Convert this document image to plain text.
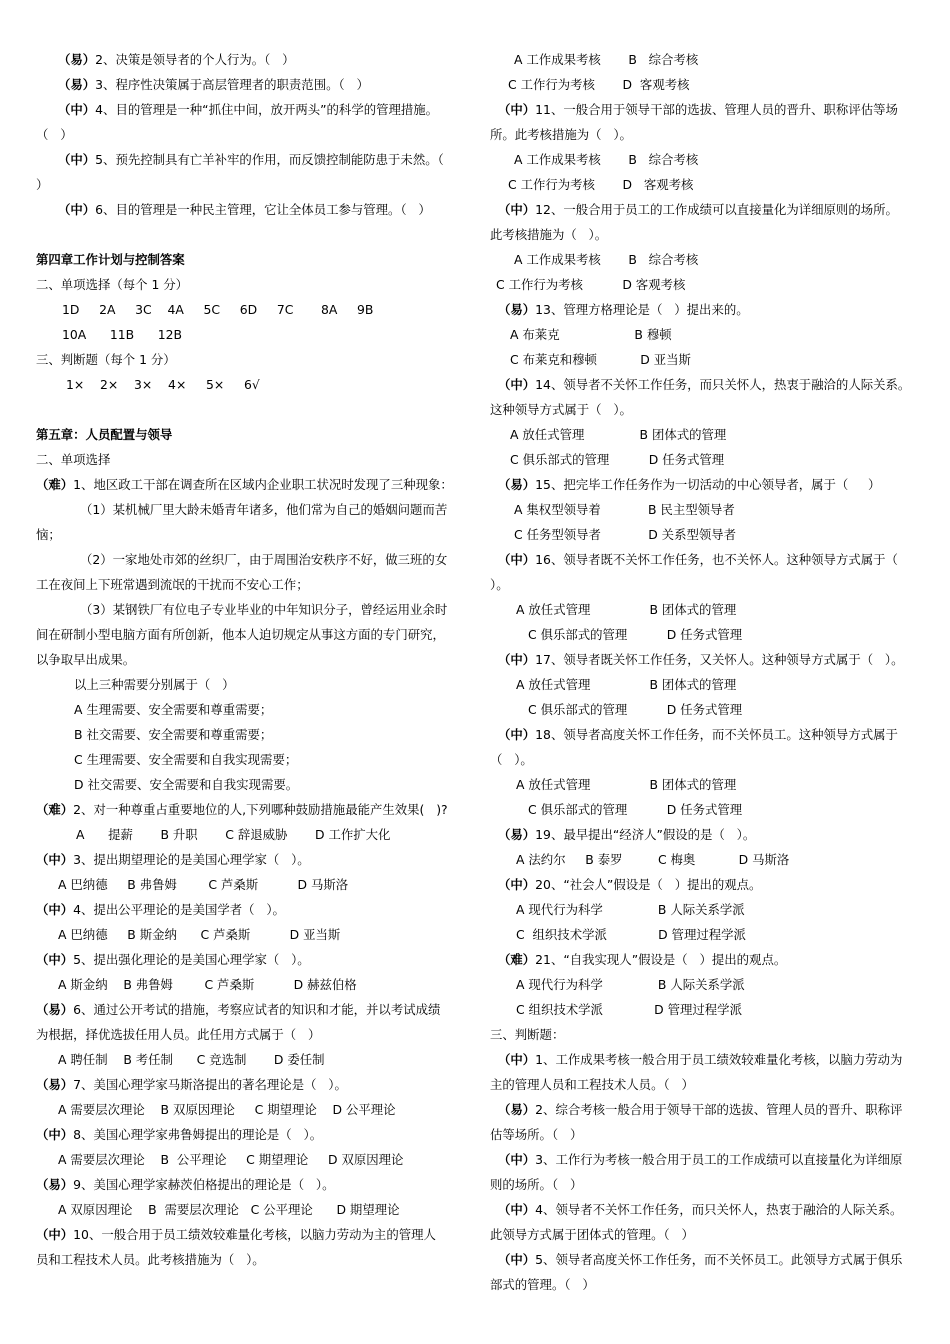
（易）2、决策是领导者的个人行为。（   ）
（易）3、程序性决策属于高层管理者的职责范围。（   ）
（中）4、目的管理是一种“抓住中间，放开两头”的科学的管理措施。
（   ）
（中）5、预先控制具有亡羊补牢的作用，而反馈控制能防患于未然。（
）
（中）6、目的管理是一种民主管理，它让全体员工参与管理。（   ）
第四章工作计划与控制答案
二、单项选择（每个 1 分）
1D     2A     3C    4A     5C     6D     7C       8A     9B
10A      11B      12B
三、判断题（每个 1 分）
1×    2×    3×    4×     5×     6√
第五章：人员配置与领导
二、单项选择
（难）1、地区政工干部在调查所在区域内企业职工状况时发现了三种现象：
（1）某机械厂里大龄未婚青年诸多，他们常为自己的婚姻问题而苦
恼；
（2）一家地处市郊的丝织厂，由于周围治安秩序不好，做三班的女
工在夜间上下班常遇到流氓的干扰而不安心工作；
（3）某钢铁厂有位电子专业毕业的中年知识分子，曾经运用业余时
间在研制小型电脑方面有所创新，他本人迫切规定从事这方面的专门研究，
以争取早出成果。
以上三种需要分别属于（   ）
A 生理需要、安全需要和尊重需要；
B 社交需要、安全需要和尊重需要；
C 生理需要、安全需要和自我实现需要；
D 社交需要、安全需要和自我实现需要。
（难）2、对一种尊重占重要地位的人,下列哪种鼓励措施最能产生效果(   )?
A      提薪       B 升职       C 辞退威胁       D 工作扩大化
（中）3、提出期望理论的是美国心理学家（   ）。
A 巴纳德     B 弗鲁姆        C 芦桑斯          D 马斯洛
（中）4、提出公平理论的是美国学者（   ）。
A 巴纳德     B 斯金纳      C 芦桑斯          D 亚当斯
（中）5、提出强化理论的是美国心理学家（   ）。
A 斯金纳    B 弗鲁姆        C 芦桑斯          D 赫兹伯格
（易）6、通过公开考试的措施，考察应试者的知识和才能，并以考试成绩
为根据，择优选拔任用人员。此任用方式属于（   ）
A 聘任制    B 考任制      C 竞选制       D 委任制
（易）7、美国心理学家马斯洛提出的著名理论是（   ）。
A 需要层次理论    B 双原因理论     C 期望理论    D 公平理论
（中）8、美国心理学家弗鲁姆提出的理论是（   ）。
A 需要层次理论    B  公平理论     C 期望理论     D 双原因理论
（易）9、美国心理学家赫茨伯格提出的理论是（   ）。
A 双原因理论    B  需要层次理论   C 公平理论      D 期望理论
（中）10、一般合用于员工绩效较难量化考核，以脑力劳动为主的管理人
员和工程技术人员。此考核措施为（   ）。
A 工作成果考核       B   综合考核
C 工作行为考核       D  客观考核
（中）11、一般合用于领导干部的选拔、管理人员的晋升、职称评估等场
所。此考核措施为（   ）。
A 工作成果考核       B   综合考核
C 工作行为考核       D   客观考核
（中）12、一般合用于员工的工作成绩可以直接量化为详细原则的场所。
此考核措施为（   ）。
A 工作成果考核       B   综合考核
C 工作行为考核          D 客观考核
（易）13、管理方格理论是（   ）提出来的。
A 布莱克                   B 穆顿
C 布莱克和穆顿           D 亚当斯
（中）14、领导者不关怀工作任务，而只关怀人，热衷于融洽的人际关系。
这种领导方式属于（   ）。
A 放任式管理              B 团体式的管理
C 俱乐部式的管理          D 任务式管理
（易）15、把完毕工作任务作为一切活动的中心领导者，属于（     ）
A 集权型领导着            B 民主型领导者
C 任务型领导者            D 关系型领导者
（中）16、领导者既不关怀工作任务，也不关怀人。这种领导方式属于（
）。
A 放任式管理               B 团体式的管理
C 俱乐部式的管理          D 任务式管理
（中）17、领导者既关怀工作任务，又关怀人。这种领导方式属于（   ）。
A 放任式管理               B 团体式的管理
C 俱乐部式的管理          D 任务式管理
（中）18、领导者高度关怀工作任务，而不关怀员工。这种领导方式属于
（   ）。
A 放任式管理               B 团体式的管理
C 俱乐部式的管理          D 任务式管理
（易）19、最早提出“经济人”假设的是（   ）。
A 法约尔     B 泰罗         C 梅奥           D 马斯洛
（中）20、“社会人”假设是（   ）提出的观点。
A 现代行为科学              B 人际关系学派
C  组织技术学派             D 管理过程学派
（难）21、“自我实现人”假设是（   ）提出的观点。
A 现代行为科学              B 人际关系学派
C 组织技术学派             D 管理过程学派
三、判断题：
（中）1、工作成果考核一般合用于员工绩效较难量化考核，以脑力劳动为
主的管理人员和工程技术人员。（   ）
（易）2、综合考核一般合用于领导干部的选拔、管理人员的晋升、职称评
估等场所。（   ）
（中）3、工作行为考核一般合用于员工的工作成绩可以直接量化为详细原
则的场所。（   ）
（中）4、领导者不关怀工作任务，而只关怀人，热衷于融洽的人际关系。
此领导方式属于团体式的管理。（   ）
（中）5、领导者高度关怀工作任务，而不关怀员工。此领导方式属于俱乐
部式的管理。（   ）
